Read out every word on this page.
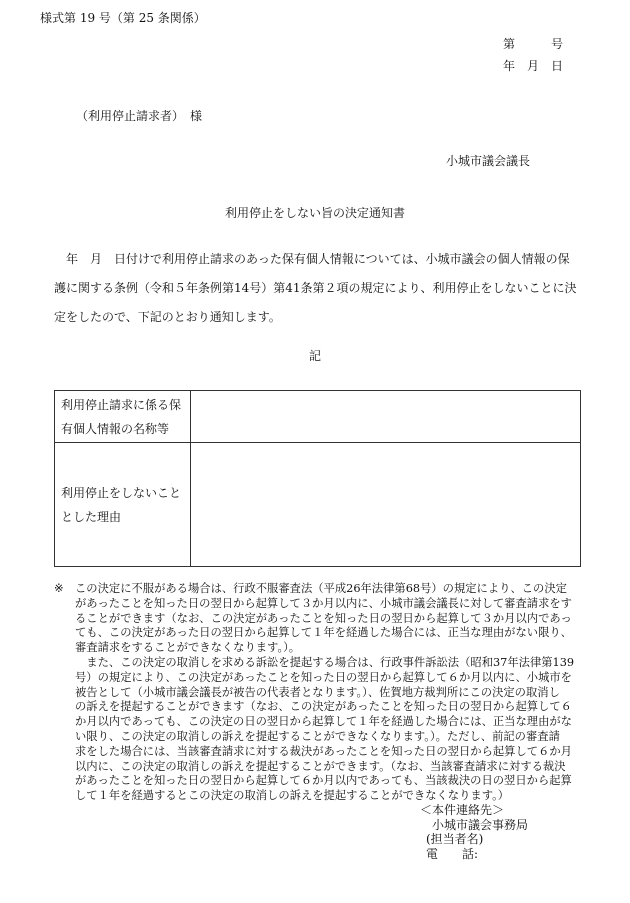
様式第 19 号（第 25 条関係）
第　　　号
年　月　日
（利用停止請求者）　様
小城市議会議長
利用停止をしない旨の決定通知書
　年　月　日付けで利用停止請求のあった保有個人情報については、小城市議会の個人情報の保
護に関する条例（令和５年条例第14号）第41条第２項の規定により、利用停止をしないことに決
定をしたので、下記のとおり通知します。
記
利用停止請求に係る保
有個人情報の名称等	

利用停止をしないこと
とした理由	

※ この決定に不服がある場合は、行政不服審査法（平成26年法律第68号）の規定により、この決定
があったことを知った日の翌日から起算して３か月以内に、小城市議会議長に対して審査請求をす
ることができます（なお、この決定があったことを知った日の翌日から起算して３か月以内であっ
ても、この決定があった日の翌日から起算して１年を経過した場合には、正当な理由がない限り、
審査請求をすることができなくなります。）。
　また、この決定の取消しを求める訴訟を提起する場合は、行政事件訴訟法（昭和37年法律第139
号）の規定により、この決定があったことを知った日の翌日から起算して６か月以内に、小城市を
被告として（小城市議会議長が被告の代表者となります。）、佐賀地方裁判所にこの決定の取消し
の訴えを提起することができます（なお、この決定があったことを知った日の翌日から起算して６
か月以内であっても、この決定の日の翌日から起算して１年を経過した場合には、正当な理由がな
い限り、この決定の取消しの訴えを提起することができなくなります。）。ただし、前記の審査請
求をした場合には、当該審査請求に対する裁決があったことを知った日の翌日から起算して６か月
以内に、この決定の取消しの訴えを提起することができます。（なお、当該審査請求に対する裁決
があったことを知った日の翌日から起算して６か月以内であっても、当該裁決の日の翌日から起算
して１年を経過するとこの決定の取消しの訴えを提起することができなくなります。）
＜本件連絡先＞
小城市議会事務局
(担当者名)
電　　話:
